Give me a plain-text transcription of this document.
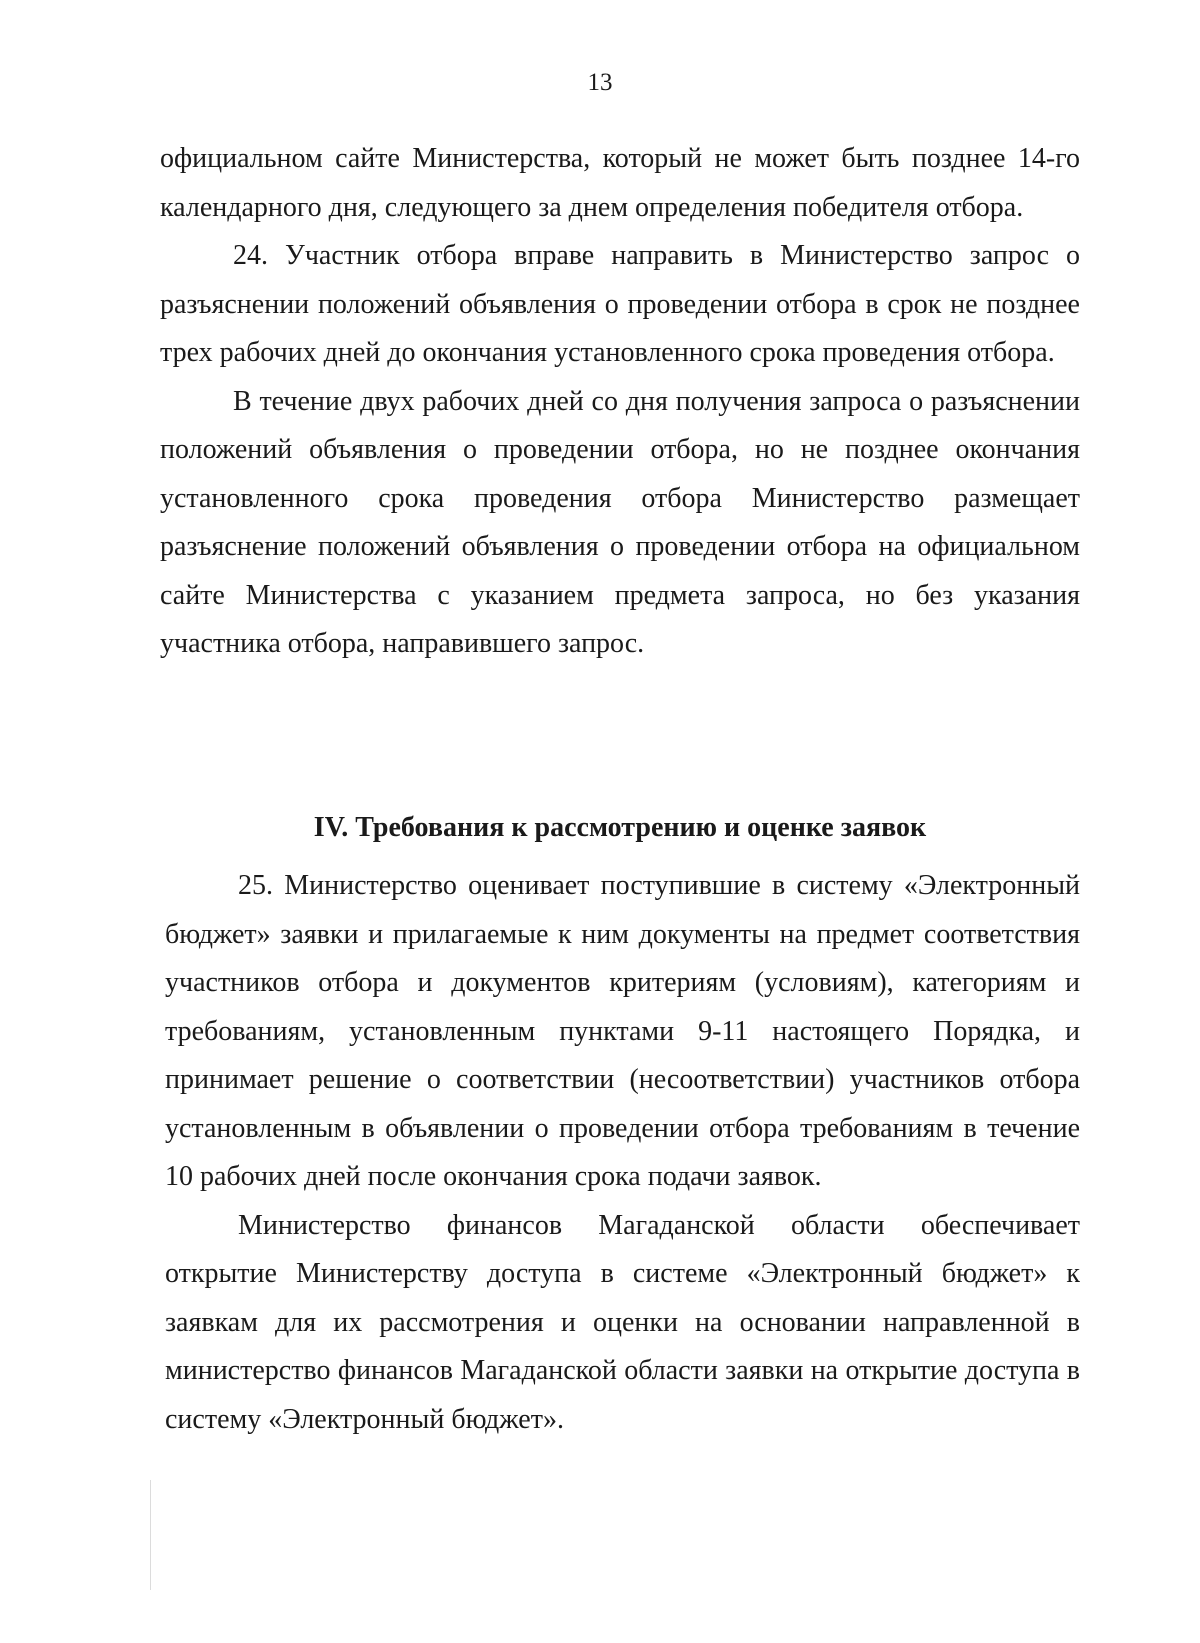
13

официальном сайте Министерства, который не может быть позднее 14-го календарного дня, следующего за днем определения победителя отбора.

24. Участник отбора вправе направить в Министерство запрос о разъяснении положений объявления о проведении отбора в срок не позднее трех рабочих дней до окончания установленного срока проведения отбора.

В течение двух рабочих дней со дня получения запроса о разъяснении положений объявления о проведении отбора, но не позднее окончания установленного срока проведения отбора Министерство размещает разъяснение положений объявления о проведении отбора на официальном сайте Министерства с указанием предмета запроса, но без указания участника отбора, направившего запрос.

IV. Требования к рассмотрению и оценке заявок

25. Министерство оценивает поступившие в систему «Электронный бюджет» заявки и прилагаемые к ним документы на предмет соответствия участников отбора и документов критериям (условиям), категориям и требованиям, установленным пунктами 9-11 настоящего Порядка, и принимает решение о соответствии (несоответствии) участников отбора установленным в объявлении о проведении отбора требованиям в течение 10 рабочих дней после окончания срока подачи заявок.

Министерство финансов Магаданской области обеспечивает открытие Министерству доступа в системе «Электронный бюджет» к заявкам для их рассмотрения и оценки на основании направленной в министерство финансов Магаданской области заявки на открытие доступа в систему «Электронный бюджет».
